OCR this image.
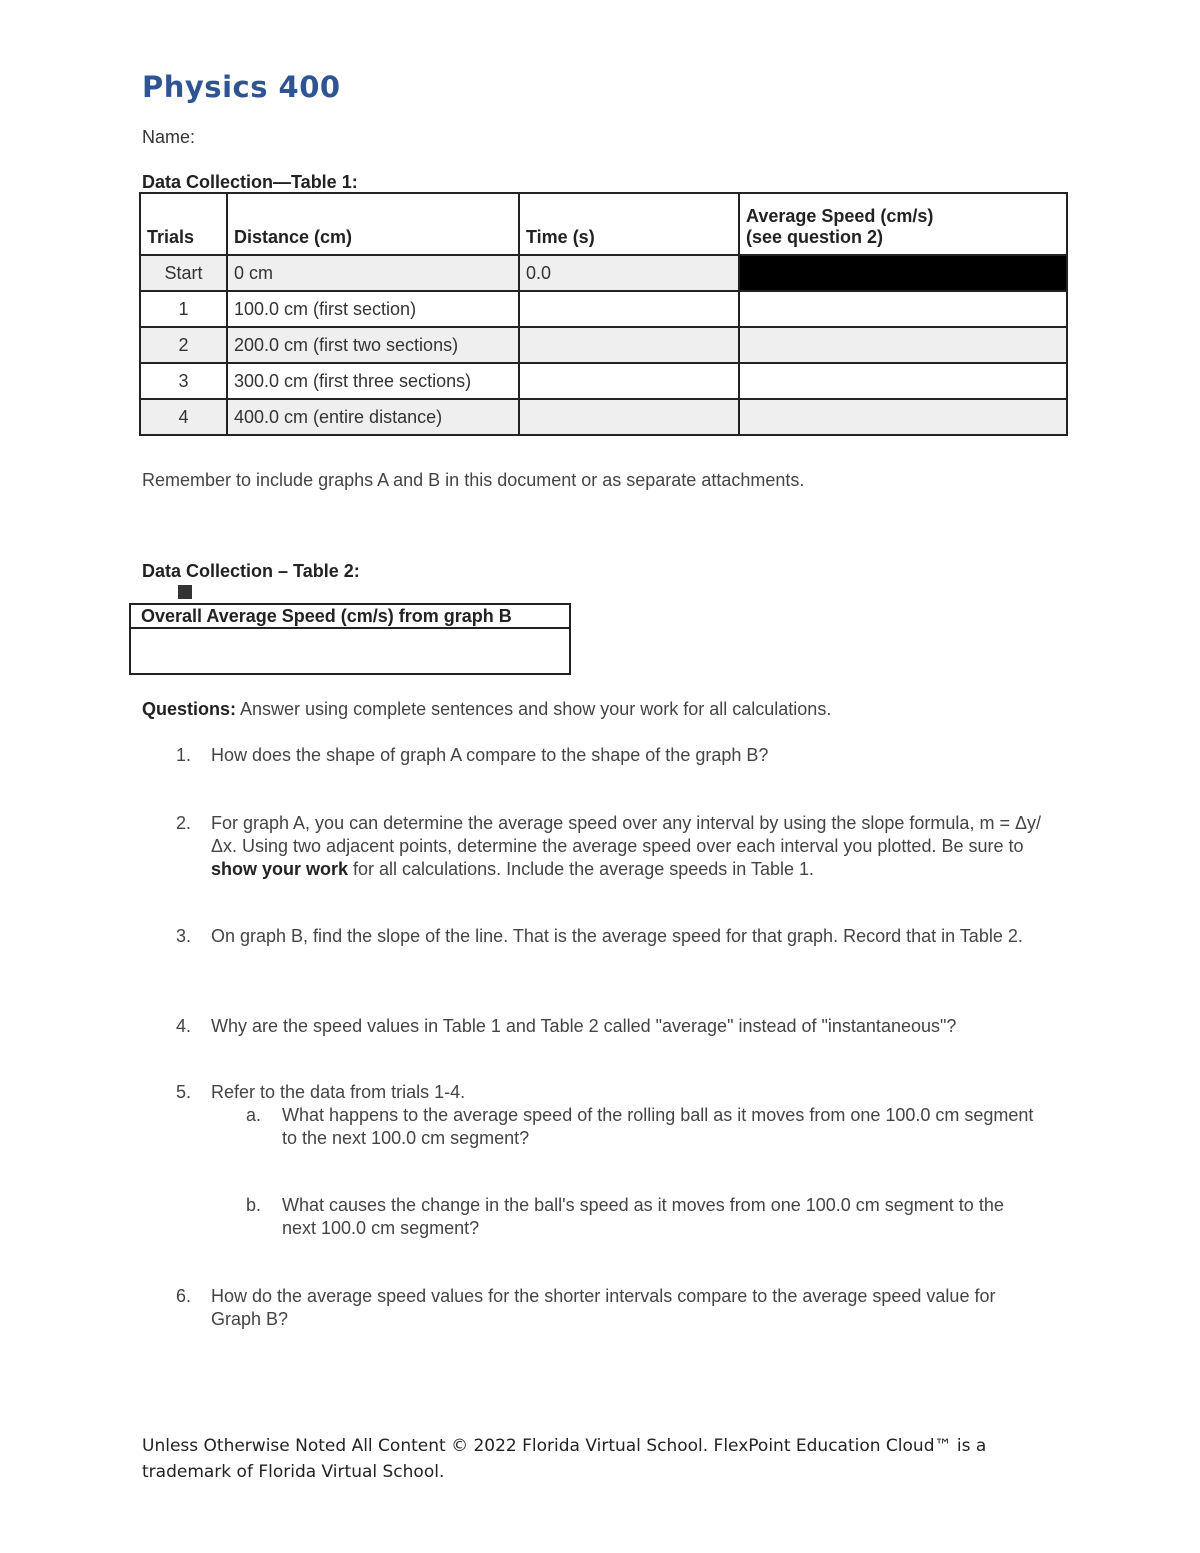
Physics 400
Name:
Data Collection—Table 1:
Trials	Distance (cm)	Time (s)	Average Speed (cm/s)
(see question 2)

Start	0 cm	0.0	
1	100.0 cm (first section)		
2	200.0 cm (first two sections)		
3	300.0 cm (first three sections)		
4	400.0 cm (entire distance)		
Remember to include graphs A and B in this document or as separate attachments.
Data Collection – Table 2:
Overall Average Speed (cm/s) from graph B

Questions: Answer using complete sentences and show your work for all calculations.
1.	How does the shape of graph A compare to the shape of the graph B?
2.	For graph A, you can determine the average speed over any interval by using the slope formula, m = Δy/Δx. Using two adjacent points, determine the average speed over each interval you plotted. Be sure to show your work for all calculations. Include the average speeds in Table 1.
3.	On graph B, find the slope of the line. That is the average speed for that graph. Record that in Table 2.
4.	Why are the speed values in Table 1 and Table 2 called "average" instead of "instantaneous"?
5.	Refer to the data from trials 1-4.
a.	What happens to the average speed of the rolling ball as it moves from one 100.0 cm segment to the next 100.0 cm segment?
b.	What causes the change in the ball's speed as it moves from one 100.0 cm segment to the next 100.0 cm segment?
6.	How do the average speed values for the shorter intervals compare to the average speed value for Graph B?
Unless Otherwise Noted All Content © 2022 Florida Virtual School. FlexPoint Education Cloud™ is a trademark of Florida Virtual School.
